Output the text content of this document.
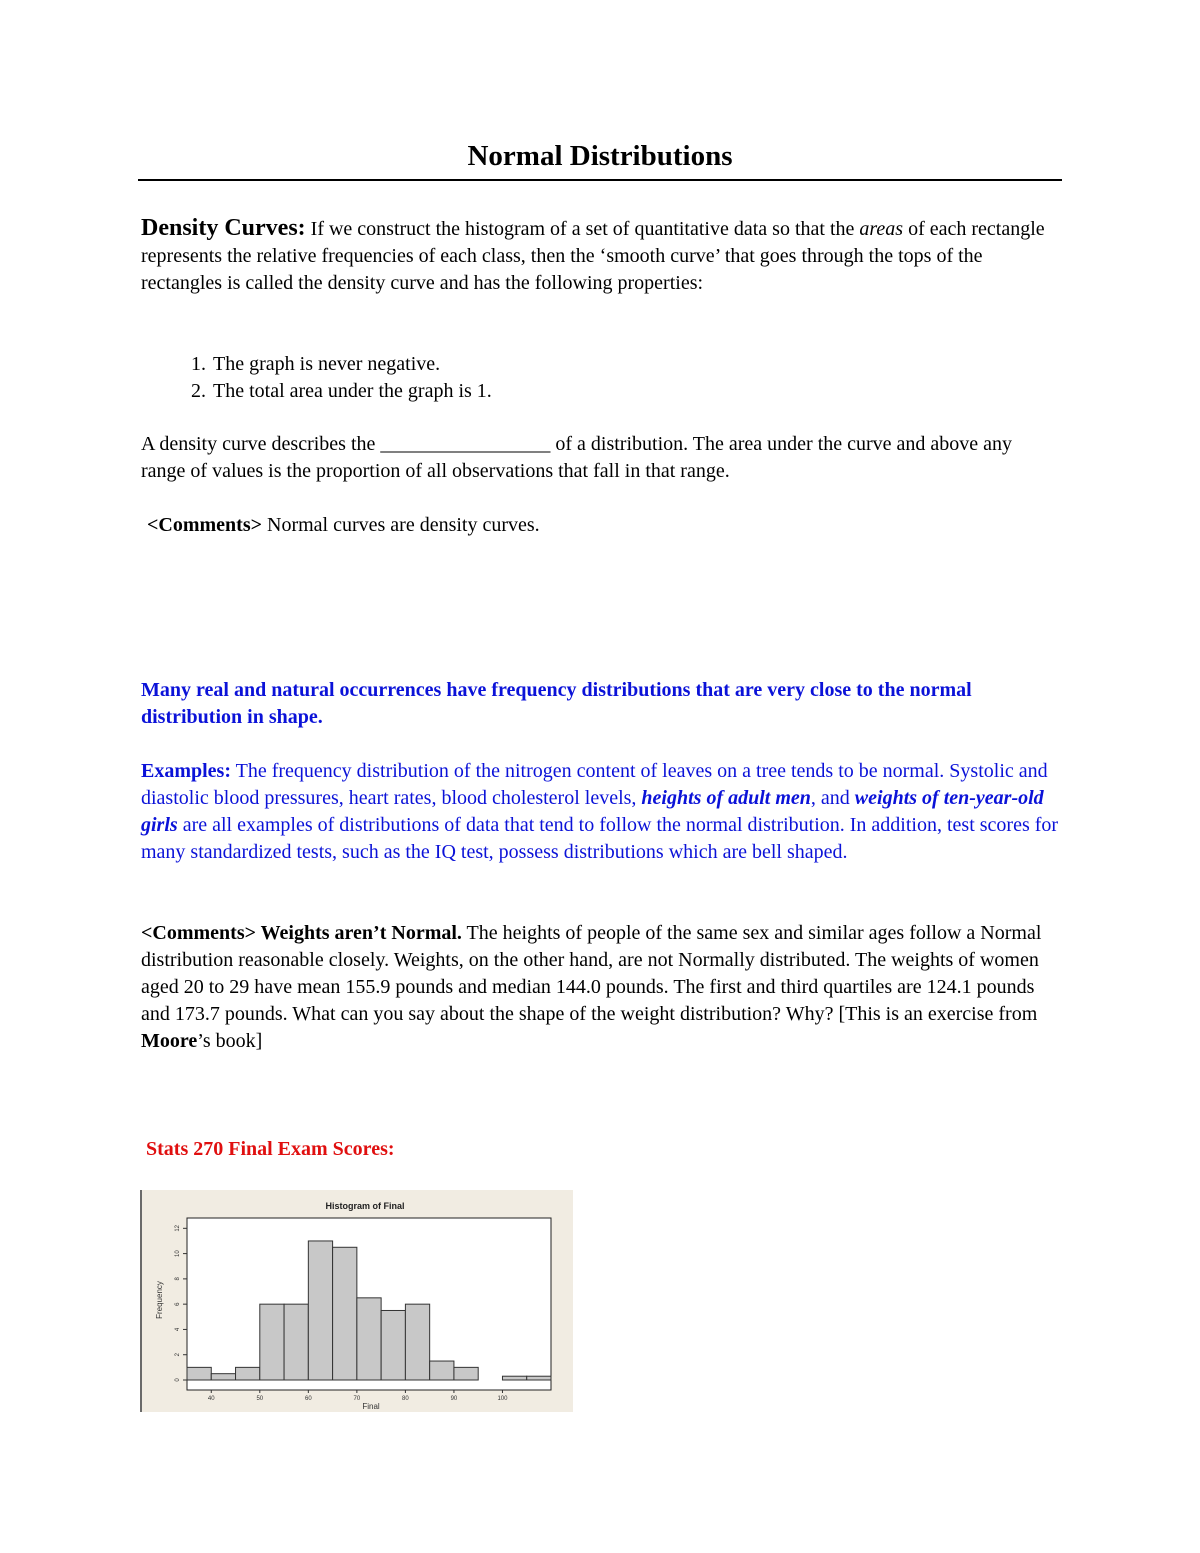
Normal Distributions

Density Curves: If we construct the histogram of a set of quantitative data so that the areas of each rectangle represents the relative frequencies of each class, then the ‘smooth curve’ that goes through the tops of the rectangles is called the density curve and has the following properties:

1. The graph is never negative.
2. The total area under the graph is 1.

A density curve describes the _________________ of a distribution. The area under the curve and above any range of values is the proportion of all observations that fall in that range.

<Comments> Normal curves are density curves.

Many real and natural occurrences have frequency distributions that are very close to the normal distribution in shape.

Examples: The frequency distribution of the nitrogen content of leaves on a tree tends to be normal. Systolic and diastolic blood pressures, heart rates, blood cholesterol levels, heights of adult men, and weights of ten-year-old girls are all examples of distributions of data that tend to follow the normal distribution. In addition, test scores for many standardized tests, such as the IQ test, possess distributions which are bell shaped.

<Comments> Weights aren’t Normal. The heights of people of the same sex and similar ages follow a Normal distribution reasonable closely. Weights, on the other hand, are not Normally distributed. The weights of women aged 20 to 29 have mean 155.9 pounds and median 144.0 pounds. The first and third quartiles are 124.1 pounds and 173.7 pounds. What can you say about the shape of the weight distribution? Why? [This is an exercise from Moore’s book]

Stats 270 Final Exam Scores:
Histogram of Final
0
2
4
6
8
10
12
40	50	60	70	80	90	100
Frequency
Final
